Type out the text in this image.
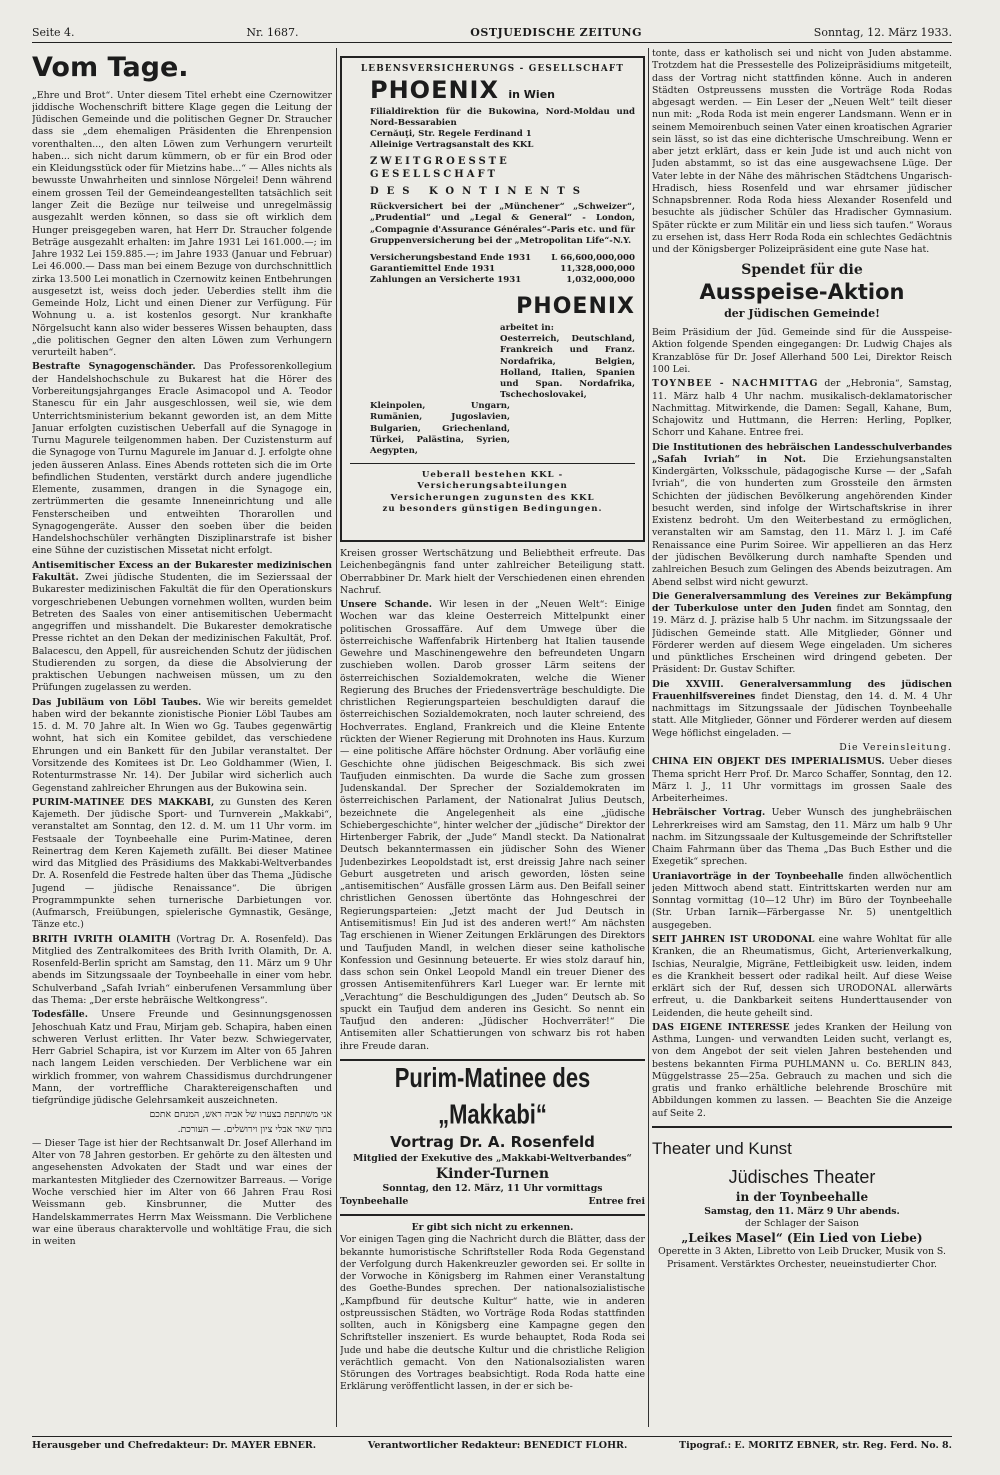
Seite 4.	Nr. 1687.	OSTJUEDISCHE ZEITUNG	Sonntag, 12. März 1933.
Vom Tage.

„Ehre und Brot“. Unter diesem Titel erhebt eine Czernowitzer jiddische Wochenschrift bittere Klage gegen die Leitung der Jüdischen Gemeinde und die politischen Gegner Dr. Straucher dass sie „dem ehemaligen Präsidenten die Ehrenpension vorenthalten..., den alten Löwen zum Verhungern verurteilt haben... sich nicht darum kümmern, ob er für ein Brod oder ein Kleidungsstück oder für Mietzins habe...“ — Alles nichts als bewusste Unwahrheiten und sinnlose Nörgelei! Denn während einem grossen Teil der Gemeindeangestellten tatsächlich seit langer Zeit die Bezüge nur teilweise und unregelmässig ausgezahlt werden können, so dass sie oft wirklich dem Hunger preisgegeben waren, hat Herr Dr. Straucher folgende Beträge ausgezahlt erhalten: im Jahre 1931 Lei 161.000.—; im Jahre 1932 Lei 159.885.—; im Jahre 1933 (Januar und Februar) Lei 46.000.— Dass man bei einem Bezuge von durchschnittlich zirka 13.500 Lei monatlich in Czernowitz keinen Entbehrungen ausgesetzt ist, weiss doch jeder. Ueberdies stellt ihm die Gemeinde Holz, Licht und einen Diener zur Verfügung. Für Wohnung u. a. ist kostenlos gesorgt. Nur krankhafte Nörgelsucht kann also wider besseres Wissen behaupten, dass „die politischen Gegner den alten Löwen zum Verhungern verurteilt haben“.

Bestrafte Synagogenschänder. Das Professorenkollegium der Handelshochschule zu Bukarest hat die Hörer des Vorbereitungsjahrganges Eracle Asimacopol und A. Teodor Stanescu für ein Jahr ausgeschlossen, weil sie, wie dem Unterrichtsministerium bekannt geworden ist, an dem Mitte Januar erfolgten cuzistischen Ueberfall auf die Synagoge in Turnu Magurele teilgenommen haben. Der Cuzistensturm auf die Synagoge von Turnu Magurele im Januar d. J. erfolgte ohne jeden äusseren Anlass. Eines Abends rotteten sich die im Orte befindlichen Studenten, verstärkt durch andere jugendliche Elemente, zusammen, drangen in die Synagoge ein, zertrümmerten die gesamte Inneneinrichtung und alle Fensterscheiben und entweihten Thorarollen und Synagogengeräte. Ausser den soeben über die beiden Handelshochschüler verhängten Disziplinarstrafe ist bisher eine Sühne der cuzistischen Missetat nicht erfolgt.

Antisemitischer Excess an der Bukarester medizinischen Fakultät. Zwei jüdische Studenten, die im Sezierssaal der Bukarester medizinischen Fakultät die für den Operationskurs vorgeschriebenen Uebungen vornehmen wollten, wurden beim Betreten des Saales von einer antisemitischen Uebermacht angegriffen und misshandelt. Die Bukarester demokratische Presse richtet an den Dekan der medizinischen Fakultät, Prof. Balacescu, den Appell, für ausreichenden Schutz der jüdischen Studierenden zu sorgen, da diese die Absolvierung der praktischen Uebungen nachweisen müssen, um zu den Prüfungen zugelassen zu werden.

Das Jubiläum von Löbl Taubes. Wie wir bereits gemeldet haben wird der bekannte zionistische Pionier Löbl Taubes am 15. d. M. 70 Jahre alt. In Wien wo Gg. Taubes gegenwärtig wohnt, hat sich ein Komitee gebildet, das verschiedene Ehrungen und ein Bankett für den Jubilar veranstaltet. Der Vorsitzende des Komitees ist Dr. Leo Goldhammer (Wien, I. Rotenturmstrasse Nr. 14). Der Jubilar wird sicherlich auch Gegenstand zahlreicher Ehrungen aus der Bukowina sein.

PURIM-MATINEE DES MAKKABI, zu Gunsten des Keren Kajemeth. Der jüdische Sport- und Turnverein „Makkabi“, veranstaltet am Sonntag, den 12. d. M. um 11 Uhr vorm. im Festsaale der Toynbeehalle eine Purim-Matinee, deren Reinertrag dem Keren Kajemeth zufällt. Bei dieser Matinee wird das Mitglied des Präsidiums des Makkabi-Weltverbandes Dr. A. Rosenfeld die Festrede halten über das Thema „Jüdische Jugend — jüdische Renaissance“. Die übrigen Programmpunkte sehen turnerische Darbietungen vor. (Aufmarsch, Freiübungen, spielerische Gymnastik, Gesänge, Tänze etc.)

BRITH IVRITH OLAMITH (Vortrag Dr. A. Rosenfeld). Das Mitglied des Zentralkomitees des Brith Ivrith Olamith, Dr. A. Rosenfeld-Berlin spricht am Samstag, den 11. März um 9 Uhr abends im Sitzungssaale der Toynbeehalle in einer vom hebr. Schulverband „Safah Ivriah“ einberufenen Versammlung über das Thema: „Der erste hebräische Weltkongress“.

Todesfälle. Unsere Freunde und Gesinnungsgenossen Jehoschuah Katz und Frau, Mirjam geb. Schapira, haben einen schweren Verlust erlitten. Ihr Vater bezw. Schwiegervater, Herr Gabriel Schapira, ist vor Kurzem im Alter von 65 Jahren nach langem Leiden verschieden. Der Verblichene war ein wirklich frommer, von wahrem Chassidismus durchdrungener Mann, der vortreffliche Charaktereigenschaften und tiefgründige jüdische Gelehrsamkeit auszeichneten.

אני משתתפת בצערו של אביה ראש, המנחם אתכם

בתוך שאר אבלי ציון וירושלים. — העורכת.

— Dieser Tage ist hier der Rechtsanwalt Dr. Josef Allerhand im Alter von 78 Jahren gestorben. Er gehörte zu den ältesten und angesehensten Advokaten der Stadt und war eines der markantesten Mitglieder des Czernowitzer Barreaus. — Vorige Woche verschied hier im Alter von 66 Jahren Frau Rosi Weissmann geb. Kinsbrunner, die Mutter des Handelskammerrates Herrn Max Weissmann. Die Verblichene war eine überaus charaktervolle und wohltätige Frau, die sich in weiten

LEBENSVERSICHERUNGS - GESELLSCHAFT
PHOENIX in Wien
Filialdirektion für die Bukowina, Nord-Moldau und Nord-Bessarabien
Cernăuţi, Str. Regele Ferdinand 1
Alleinige Vertragsanstalt des KKL
ZWEITGROESSTE GESELLSCHAFT
DES KONTINENTS
Rückversichert bei der „Münchener“ „Schweizer“, „Prudential“ und „Legal & General“ - London, „Compagnie d'Assurance Générales“-Paris etc. und für Gruppenversicherung bei der „Metropolitan Life“-N.Y.
Versicherungsbestand Ende 1931	L 66,600,000,000
Garantiemittel Ende 1931	11,328,000,000
Zahlungen an Versicherte 1931	1,032,000,000
PHOENIX
arbeitet in:
Oesterreich, Deutschland, Frankreich und Franz. Nordafrika, Belgien, Holland, Italien, Spanien und Span. Nordafrika, Tschechoslovakei,
Kleinpolen, Ungarn, Rumänien, Jugoslavien, Bulgarien, Griechenland, Türkei, Palästina, Syrien, Aegypten,
Ueberall bestehen KKL - Versicherungsabteilungen
Versicherungen zugunsten des KKL
zu besonders günstigen Bedingungen.

Kreisen grosser Wertschätzung und Beliebtheit erfreute. Das Leichenbegängnis fand unter zahlreicher Beteiligung statt. Oberrabbiner Dr. Mark hielt der Verschiedenen einen ehrenden Nachruf.

Unsere Schande. Wir lesen in der „Neuen Welt“: Einige Wochen war das kleine Oesterreich Mittelpunkt einer politischen Grossaffäre. Auf dem Umwege über die österreichische Waffenfabrik Hirtenberg hat Italien tausende Gewehre und Maschinengewehre den befreundeten Ungarn zuschieben wollen. Darob grosser Lärm seitens der österreichischen Sozialdemokraten, welche die Wiener Regierung des Bruches der Friedensverträge beschuldigte. Die christlichen Regierungsparteien beschuldigten darauf die österreichischen Sozialdemokraten, noch lauter schreiend, des Hochverrates. England, Frankreich und die Kleine Entente rückten der Wiener Regierung mit Drohnoten ins Haus. Kurzum — eine politische Affäre höchster Ordnung. Aber vorläufig eine Geschichte ohne jüdischen Beigeschmack. Bis sich zwei Taufjuden einmischten. Da wurde die Sache zum grossen Judenskandal. Der Sprecher der Sozialdemokraten im österreichischen Parlament, der Nationalrat Julius Deutsch, bezeichnete die Angelegenheit als eine „jüdische Schiebergeschichte“, hinter welcher der „jüdische“ Direktor der Hirtenberger Fabrik, der „Jude“ Mandl steckt. Da Nationalrat Deutsch bekanntermassen ein jüdischer Sohn des Wiener Judenbezirkes Leopoldstadt ist, erst dreissig Jahre nach seiner Geburt ausgetreten und arisch geworden, lösten seine „antisemitischen“ Ausfälle grossen Lärm aus. Den Beifall seiner christlichen Genossen übertönte das Hohngeschrei der Regierungsparteien: „Jetzt macht der Jud Deutsch in Antisemitismus! Ein Jud ist des anderen wert!“ Am nächsten Tag erschienen in Wiener Zeitungen Erklärungen des Direktors und Taufjuden Mandl, in welchen dieser seine katholische Konfession und Gesinnung beteuerte. Er wies stolz darauf hin, dass schon sein Onkel Leopold Mandl ein treuer Diener des grossen Antisemitenführers Karl Lueger war. Er lernte mit „Verachtung“ die Beschuldigungen des „Juden“ Deutsch ab. So spuckt ein Taufjud dem anderen ins Gesicht. So nennt ein Taufjud den anderen: „Jüdischer Hochverräter!“ Die Antisemiten aller Schattierungen von schwarz bis rot haben ihre Freude daran.

Purim-Matinee des „Makkabi“
Vortrag Dr. A. Rosenfeld
Mitglied der Exekutive des „Makkabi-Weltverbandes“
Kinder-Turnen
Sonntag, den 12. März, 11 Uhr vormittags
Toynbeehalle	Entree frei
Er gibt sich nicht zu erkennen.

Vor einigen Tagen ging die Nachricht durch die Blätter, dass der bekannte humoristische Schriftsteller Roda Roda Gegenstand der Verfolgung durch Hakenkreuzler geworden sei. Er sollte in der Vorwoche in Königsberg im Rahmen einer Veranstaltung des Goethe-Bundes sprechen. Der nationalsozialistische „Kampfbund für deutsche Kultur“ hatte, wie in anderen ostpreussischen Städten, wo Vorträge Roda Rodas stattfinden sollten, auch in Königsberg eine Kampagne gegen den Schriftsteller inszeniert. Es wurde behauptet, Roda Roda sei Jude und habe die deutsche Kultur und die christliche Religion verächtlich gemacht. Von den Nationalsozialisten waren Störungen des Vortrages beabsichtigt. Roda Roda hatte eine Erklärung veröffentlicht lassen, in der er sich be-

tonte, dass er katholisch sei und nicht von Juden abstamme. Trotzdem hat die Pressestelle des Polizeipräsidiums mitgeteilt, dass der Vortrag nicht stattfinden könne. Auch in anderen Städten Ostpreussens mussten die Vorträge Roda Rodas abgesagt werden. — Ein Leser der „Neuen Welt“ teilt dieser nun mit: „Roda Roda ist mein engerer Landsmann. Wenn er in seinem Memoirenbuch seinen Vater einen kroatischen Agrarier sein lässt, so ist das eine dichterische Umschreibung. Wenn er aber jetzt erklärt, dass er kein Jude ist und auch nicht von Juden abstammt, so ist das eine ausgewachsene Lüge. Der Vater lebte in der Nähe des mährischen Städtchens Ungarisch-Hradisch, hiess Rosenfeld und war ehrsamer jüdischer Schnapsbrenner. Roda Roda hiess Alexander Rosenfeld und besuchte als jüdischer Schüler das Hradischer Gymnasium. Später rückte er zum Militär ein und liess sich taufen.“ Woraus zu ersehen ist, dass Herr Roda Roda ein schlechtes Gedächtnis und der Königsberger Polizeipräsident eine gute Nase hat.

Spendet für die
Ausspeise-Aktion
der Jüdischen Gemeinde!

Beim Präsidium der Jüd. Gemeinde sind für die Ausspeise-Aktion folgende Spenden eingegangen: Dr. Ludwig Chajes als Kranzablöse für Dr. Josef Allerhand 500 Lei, Direktor Reisch 100 Lei.

TOYNBEE - NACHMITTAG der „Hebronia“, Samstag, 11. März halb 4 Uhr nachm. musikalisch-deklamatorischer Nachmittag. Mitwirkende, die Damen: Segall, Kahane, Bum, Schajowitz und Huttmann, die Herren: Herling, Poplker, Schorr und Kahane. Entree frei.

Die Institutionen des hebräischen Landesschulverbandes „Safah Ivriah“ in Not. Die Erziehungsanstalten Kindergärten, Volksschule, pädagogische Kurse — der „Safah Ivriah“, die von hunderten zum Grossteile den ärmsten Schichten der jüdischen Bevölkerung angehörenden Kinder besucht werden, sind infolge der Wirtschaftskrise in ihrer Existenz bedroht. Um den Weiterbestand zu ermöglichen, veranstalten wir am Samstag, den 11. März l. J. im Café Renaissance eine Purim Soiree. Wir appellieren an das Herz der jüdischen Bevölkerung durch namhafte Spenden und zahlreichen Besuch zum Gelingen des Abends beizutragen. Am Abend selbst wird nicht gewurzt.

Die Generalversammlung des Vereines zur Bekämpfung der Tuberkulose unter den Juden findet am Sonntag, den 19. März d. J. präzise halb 5 Uhr nachm. im Sitzungssaale der Jüdischen Gemeinde statt. Alle Mitglieder, Gönner und Förderer werden auf diesem Wege eingeladen. Um sicheres und pünktliches Erscheinen wird dringend gebeten. Der Präsident: Dr. Gustav Schifter.

Die XXVIII. Generalversammlung des jüdischen Frauenhilfsvereines findet Dienstag, den 14. d. M. 4 Uhr nachmittags im Sitzungssaale der Jüdischen Toynbeehalle statt. Alle Mitglieder, Gönner und Förderer werden auf diesem Wege höflichst eingeladen. —

Die Vereinsleitung.

CHINA EIN OBJEKT DES IMPERIALISMUS. Ueber dieses Thema spricht Herr Prof. Dr. Marco Schaffer, Sonntag, den 12. März l. J., 11 Uhr vormittags im grossen Saale des Arbeiterheimes.

Hebräischer Vortrag. Ueber Wunsch des junghebräischen Lehrerkreises wird am Samstag, den 11. März um halb 9 Uhr nachm. im Sitzungssaale der Kultusgemeinde der Schriftsteller Chaim Fahrmann über das Thema „Das Buch Esther und die Exegetik“ sprechen.

Uraniavorträge in der Toynbeehalle finden allwöchentlich jeden Mittwoch abend statt. Eintrittskarten werden nur am Sonntag vormittag (10—12 Uhr) im Büro der Toynbeehalle (Str. Urban Iarnik—Färbergasse Nr. 5) unentgeltlich ausgegeben.

SEIT JAHREN IST URODONAL eine wahre Wohltat für alle Kranken, die an Rheumatismus, Gicht, Arterienverkalkung, Ischias, Neuralgie, Migräne, Fettleibigkeit usw. leiden, indem es die Krankheit bessert oder radikal heilt. Auf diese Weise erklärt sich der Ruf, dessen sich URODONAL allerwärts erfreut, u. die Dankbarkeit seitens Hunderttausender von Leidenden, die heute geheilt sind.

DAS EIGENE INTERESSE jedes Kranken der Heilung von Asthma, Lungen- und verwandten Leiden sucht, verlangt es, von dem Angebot der seit vielen Jahren bestehenden und bestens bekannten Firma PUHLMANN u. Co. BERLIN 843, Müggelstrasse 25—25a. Gebrauch zu machen und sich die gratis und franko erhältliche belehrende Broschüre mit Abbildungen kommen zu lassen. — Beachten Sie die Anzeige auf Seite 2.

Theater und Kunst
Jüdisches Theater
in der Toynbeehalle
Samstag, den 11. März 9 Uhr abends.
der Schlager der Saison
„Leikes Masel“ (Ein Lied von Liebe)

Operette in 3 Akten, Libretto von Leib Drucker, Musik von S. Prisament. Verstärktes Orchester, neueinstudierter Chor.

Herausgeber und Chefredakteur: Dr. MAYER EBNER.	Verantwortlicher Redakteur: BENEDICT FLOHR.	Tipograf.: E. MORITZ EBNER, str. Reg. Ferd. No. 8.
